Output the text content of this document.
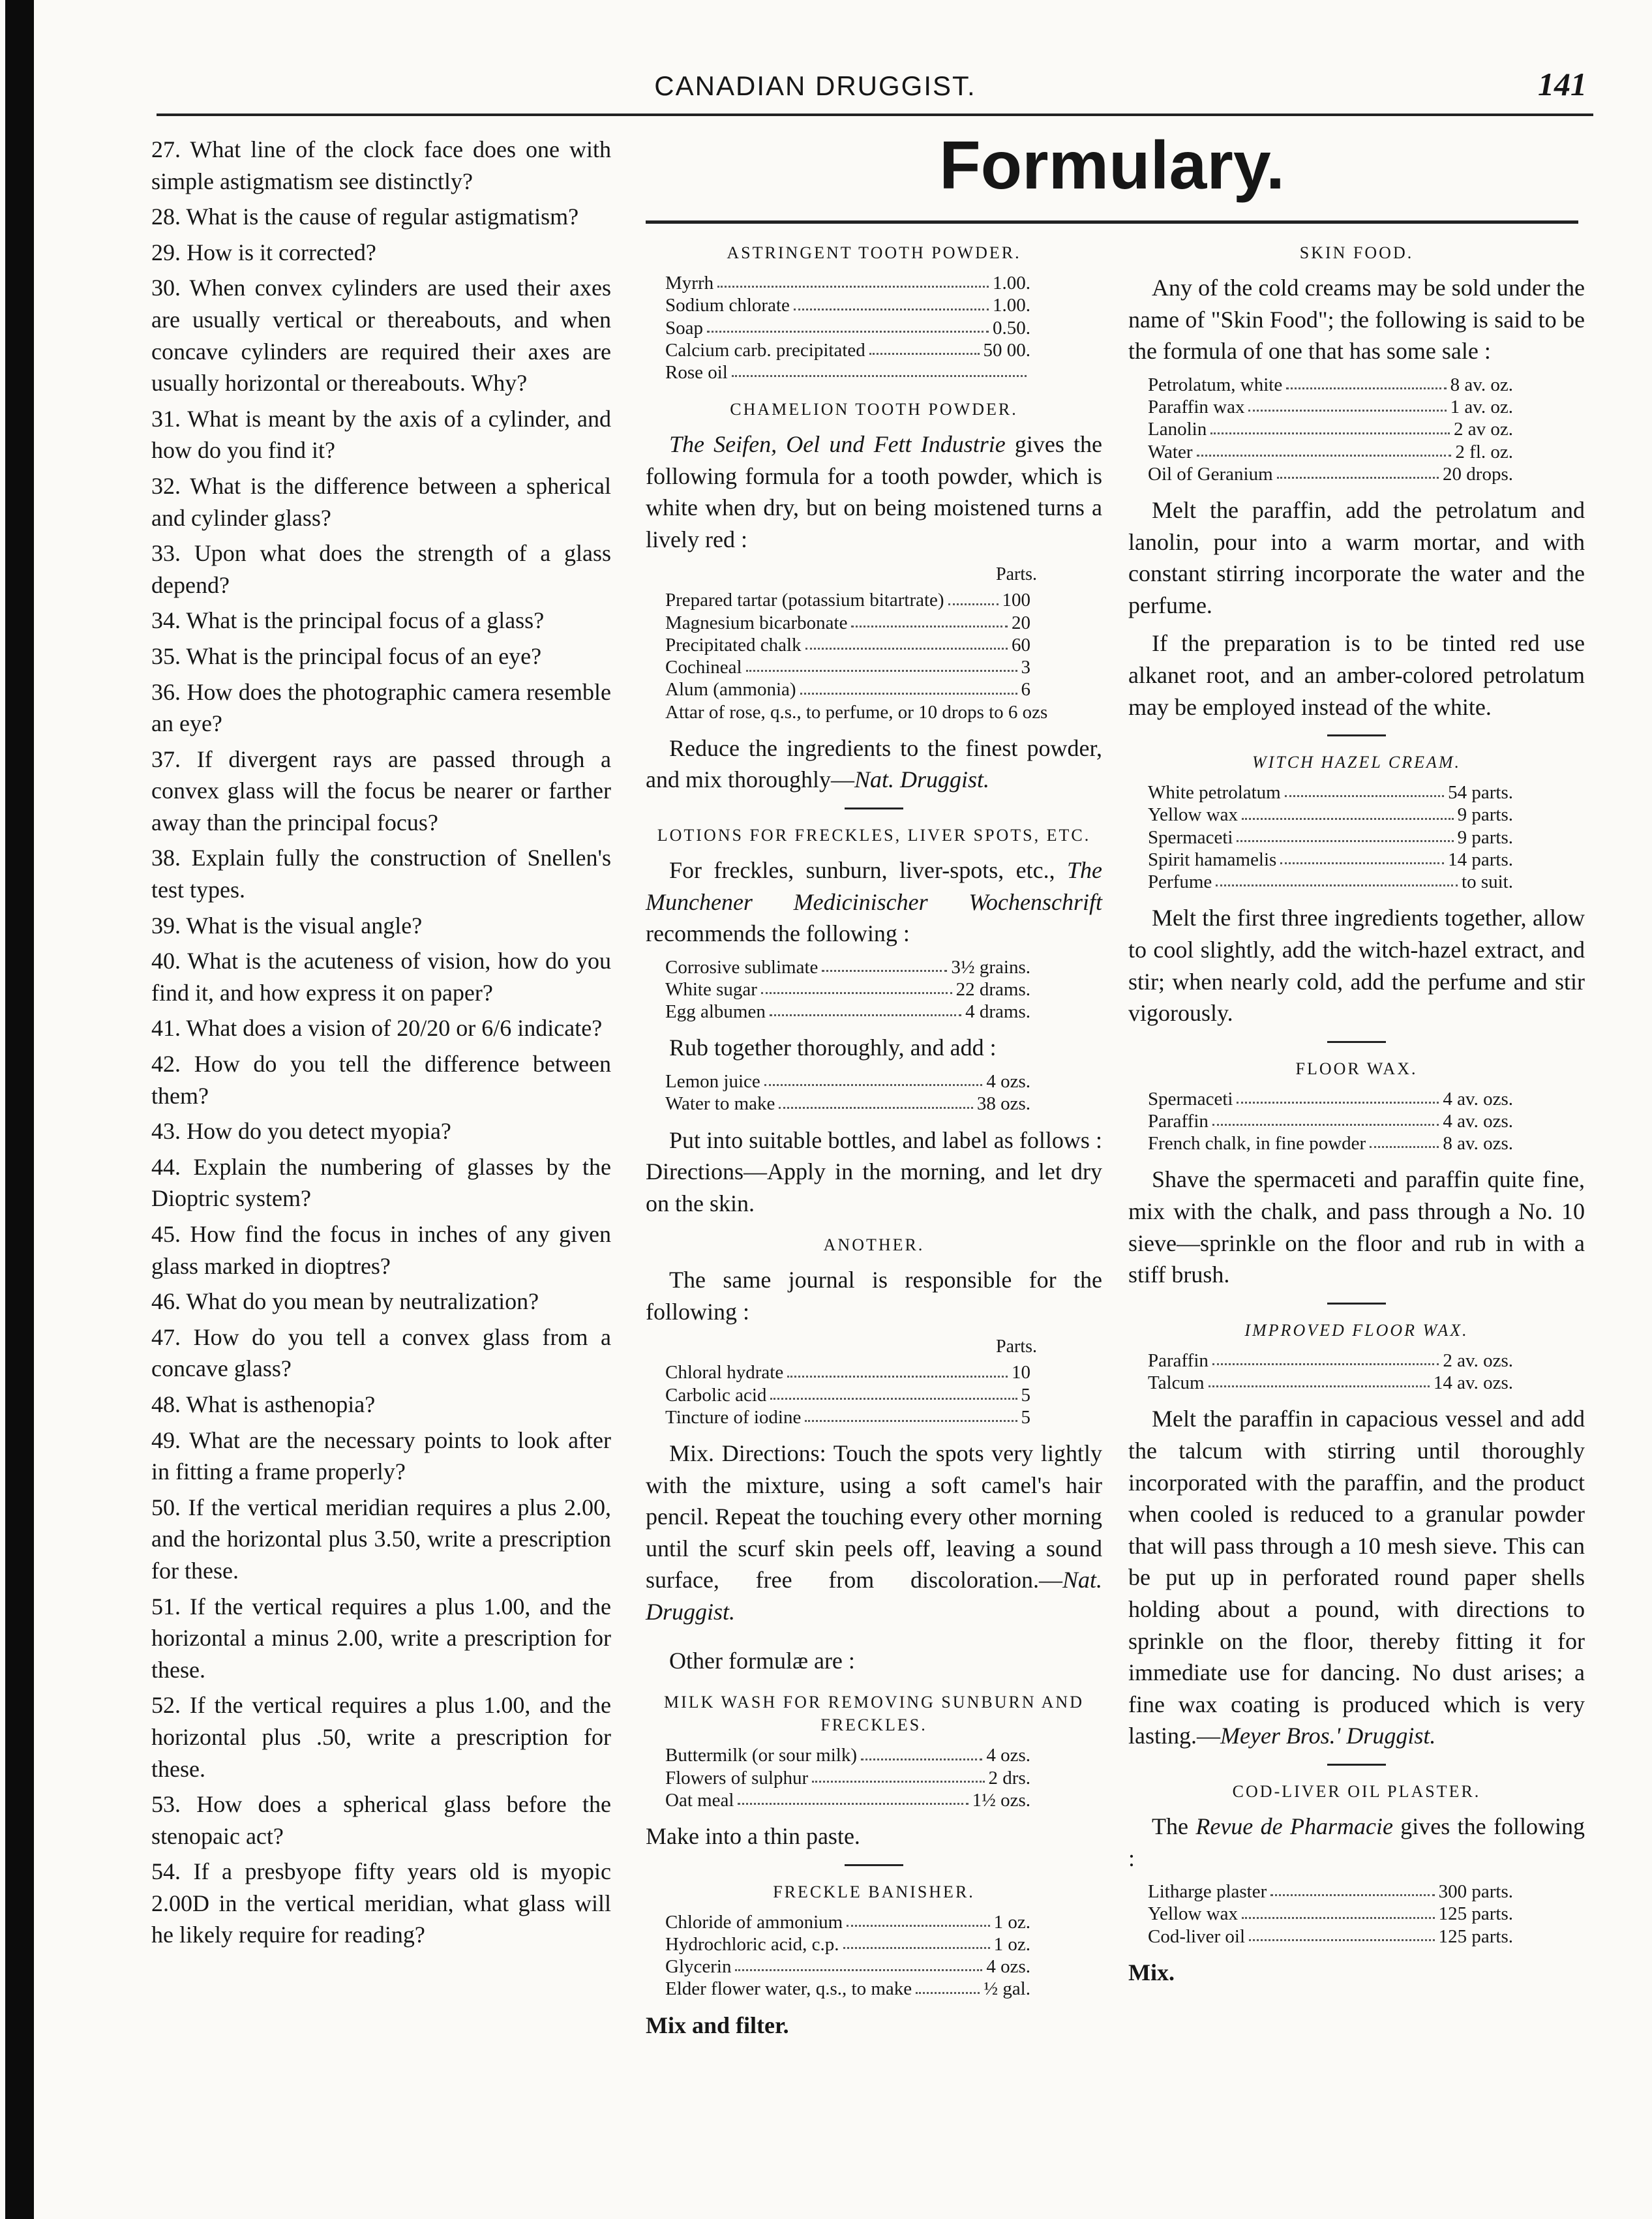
CANADIAN DRUGGIST.	141
Formulary.

27. What line of the clock face does one with simple astigmatism see distinctly?

28. What is the cause of regular astigmatism?

29. How is it corrected?

30. When convex cylinders are used their axes are usually vertical or thereabouts, and when concave cylinders are required their axes are usually horizontal or thereabouts. Why?

31. What is meant by the axis of a cylinder, and how do you find it?

32. What is the difference between a spherical and cylinder glass?

33. Upon what does the strength of a glass depend?

34. What is the principal focus of a glass?

35. What is the principal focus of an eye?

36. How does the photographic camera resemble an eye?

37. If divergent rays are passed through a convex glass will the focus be nearer or farther away than the principal focus?

38. Explain fully the construction of Snellen's test types.

39. What is the visual angle?

40. What is the acuteness of vision, how do you find it, and how express it on paper?

41. What does a vision of 20/20 or 6/6 indicate?

42. How do you tell the difference between them?

43. How do you detect myopia?

44. Explain the numbering of glasses by the Dioptric system?

45. How find the focus in inches of any given glass marked in dioptres?

46. What do you mean by neutralization?

47. How do you tell a convex glass from a concave glass?

48. What is asthenopia?

49. What are the necessary points to look after in fitting a frame properly?

50. If the vertical meridian requires a plus 2.00, and the horizontal plus 3.50, write a prescription for these.

51. If the vertical requires a plus 1.00, and the horizontal a minus 2.00, write a prescription for these.

52. If the vertical requires a plus 1.00, and the horizontal plus .50, write a prescription for these.

53. How does a spherical glass before the stenopaic act?

54. If a presbyope fifty years old is myopic 2.00D in the vertical meridian, what glass will he likely require for reading?

ASTRINGENT TOOTH POWDER.
Myrrh	1.00.
Sodium chlorate	1.00.
Soap	0.50.
Calcium carb. precipitated	50 00.
Rose oil
CHAMELION TOOTH POWDER.

The Seifen, Oel und Fett Industrie gives the following formula for a tooth powder, which is white when dry, but on being moistened turns a lively red :

Parts.
Prepared tartar (potassium bitartrate)	100
Magnesium bicarbonate	20
Precipitated chalk	60
Cochineal	3
Alum (ammonia)	6
Attar of rose, q.s., to perfume, or 10 drops to 6 ozs

Reduce the ingredients to the finest powder, and mix thoroughly—Nat. Druggist.

LOTIONS FOR FRECKLES, LIVER SPOTS, ETC.

For freckles, sunburn, liver-spots, etc., The Munchener Medicinischer Wochenschrift recommends the following :

Corrosive sublimate	3½ grains.
White sugar	22 drams.
Egg albumen	4 drams.

Rub together thoroughly, and add :

Lemon juice	4 ozs.
Water to make	38 ozs.

Put into suitable bottles, and label as follows : Directions—Apply in the morning, and let dry on the skin.

ANOTHER.

The same journal is responsible for the following :

Parts.
Chloral hydrate	10
Carbolic acid	5
Tincture of iodine	5

Mix. Directions: Touch the spots very lightly with the mixture, using a soft camel's hair pencil. Repeat the touching every other morning until the scurf skin peels off, leaving a sound surface, free from discoloration.—Nat. Druggist.

Other formulæ are :

MILK WASH FOR REMOVING SUNBURN AND FRECKLES.
Buttermilk (or sour milk)	4 ozs.
Flowers of sulphur	2 drs.
Oat meal	1½ ozs.

Make into a thin paste.

FRECKLE BANISHER.
Chloride of ammonium	1 oz.
Hydrochloric acid, c.p.	1 oz.
Glycerin	4 ozs.
Elder flower water, q.s., to make	½ gal.

Mix and filter.

SKIN FOOD.

Any of the cold creams may be sold under the name of "Skin Food"; the following is said to be the formula of one that has some sale :

Petrolatum, white	8 av. oz.
Paraffin wax	1 av. oz.
Lanolin	2 av oz.
Water	2 fl. oz.
Oil of Geranium	20 drops.

Melt the paraffin, add the petrolatum and lanolin, pour into a warm mortar, and with constant stirring incorporate the water and the perfume.

If the preparation is to be tinted red use alkanet root, and an amber-colored petrolatum may be employed instead of the white.

WITCH HAZEL CREAM.
White petrolatum	54 parts.
Yellow wax	9 parts.
Spermaceti	9 parts.
Spirit hamamelis	14 parts.
Perfume	to suit.

Melt the first three ingredients together, allow to cool slightly, add the witch-hazel extract, and stir; when nearly cold, add the perfume and stir vigorously.

FLOOR WAX.
Spermaceti	4 av. ozs.
Paraffin	4 av. ozs.
French chalk, in fine powder	8 av. ozs.

Shave the spermaceti and paraffin quite fine, mix with the chalk, and pass through a No. 10 sieve—sprinkle on the floor and rub in with a stiff brush.

IMPROVED FLOOR WAX.
Paraffin	2 av. ozs.
Talcum	14 av. ozs.

Melt the paraffin in capacious vessel and add the talcum with stirring until thoroughly incorporated with the paraffin, and the product when cooled is reduced to a granular powder that will pass through a 10 mesh sieve. This can be put up in perforated round paper shells holding about a pound, with directions to sprinkle on the floor, thereby fitting it for immediate use for dancing. No dust arises; a fine wax coating is produced which is very lasting.—Meyer Bros.' Druggist.

COD-LIVER OIL PLASTER.

The Revue de Pharmacie gives the following :

Litharge plaster	300 parts.
Yellow wax	125 parts.
Cod-liver oil	125 parts.

Mix.
